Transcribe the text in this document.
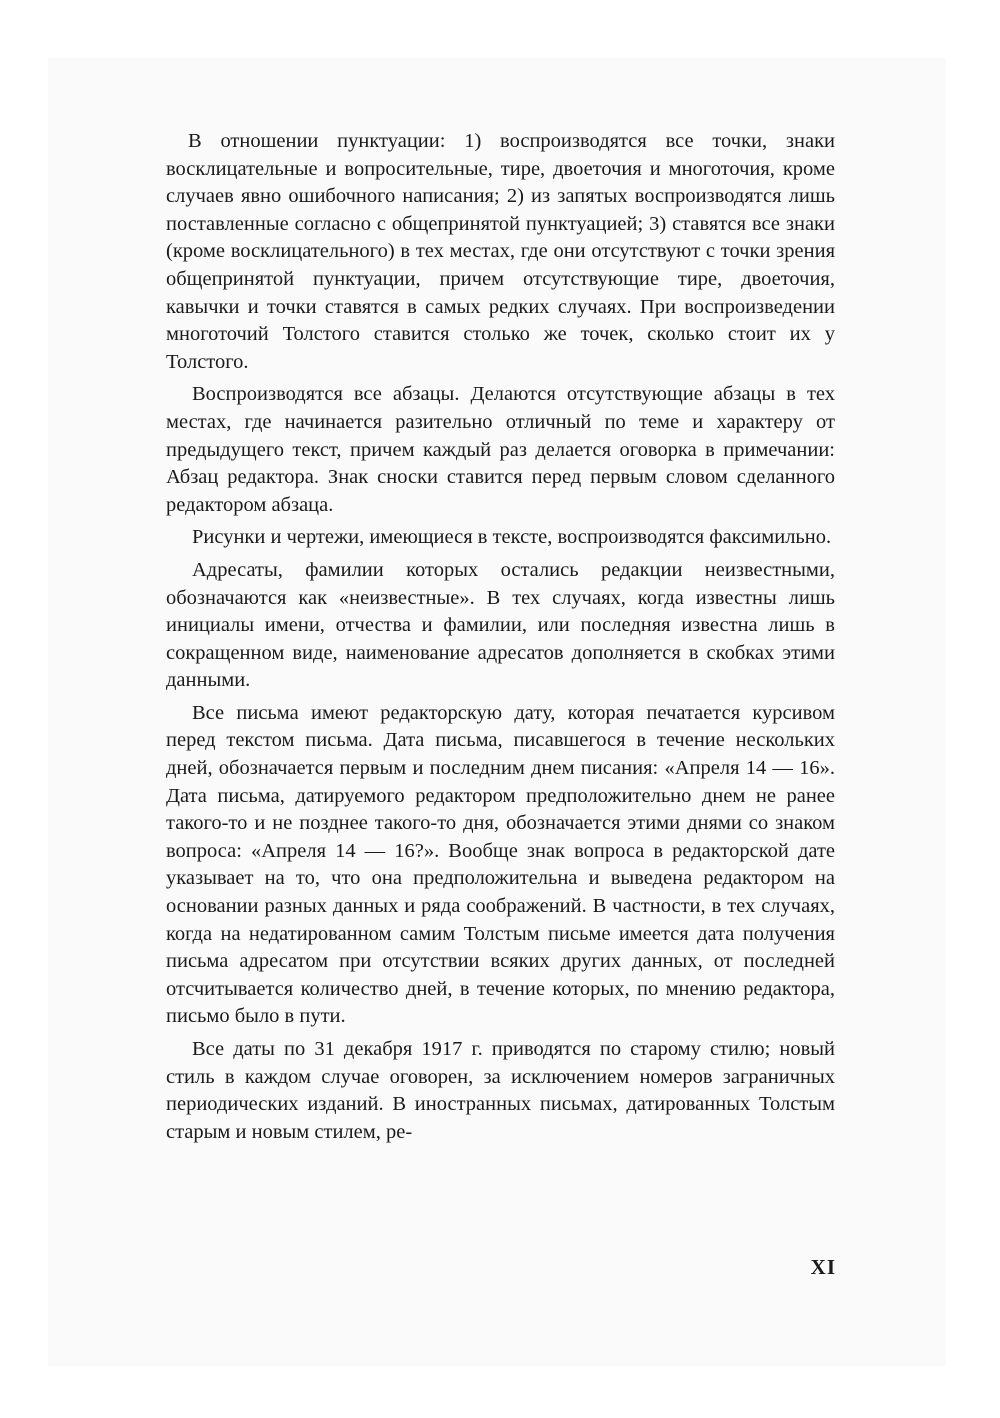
В отношении пунктуации: 1) воспроизводятся все точки, знаки восклицательные и вопросительные, тире, двоеточия и многоточия, кроме случаев явно ошибочного написания; 2) из запятых воспроизводятся лишь поставленные согласно с общепринятой пунктуацией; 3) ставятся все знаки (кроме восклицательного) в тех местах, где они отсутствуют с точки зрения общепринятой пунктуации, причем отсутствующие тире, двоеточия, кавычки и точки ставятся в самых редких случаях. При воспроизведении многоточий Толстого ставится столько же точек, сколько стоит их у Толстого.

Воспроизводятся все абзацы. Делаются отсутствующие абзацы в тех местах, где начинается разительно отличный по теме и характеру от предыдущего текст, причем каждый раз делается оговорка в примечании: Абзац редактора. Знак сноски ставится перед первым словом сделанного редактором абзаца.

Рисунки и чертежи, имеющиеся в тексте, воспроизводятся факсимильно.

Адресаты, фамилии которых остались редакции неизвестными, обозначаются как «неизвестные». В тех случаях, когда известны лишь инициалы имени, отчества и фамилии, или последняя известна лишь в сокращенном виде, наименование адресатов дополняется в скобках этими данными.

Все письма имеют редакторскую дату, которая печатается курсивом перед текстом письма. Дата письма, писавшегося в течение нескольких дней, обозначается первым и последним днем писания: «Апреля 14 — 16». Дата письма, датируемого редактором предположительно днем не ранее такого-то и не позднее такого-то дня, обозначается этими днями со знаком вопроса: «Апреля 14 — 16?». Вообще знак вопроса в редакторской дате указывает на то, что она предположительна и выведена редактором на основании разных данных и ряда соображений. В частности, в тех случаях, когда на недатированном самим Толстым письме имеется дата получения письма адресатом при отсутствии всяких других данных, от последней отсчитывается количество дней, в течение которых, по мнению редактора, письмо было в пути.

Все даты по 31 декабря 1917 г. приводятся по старому стилю; новый стиль в каждом случае оговорен, за исключением номеров заграничных периодических изданий. В иностранных письмах, датированных Толстым старым и новым стилем, ре-

XI
